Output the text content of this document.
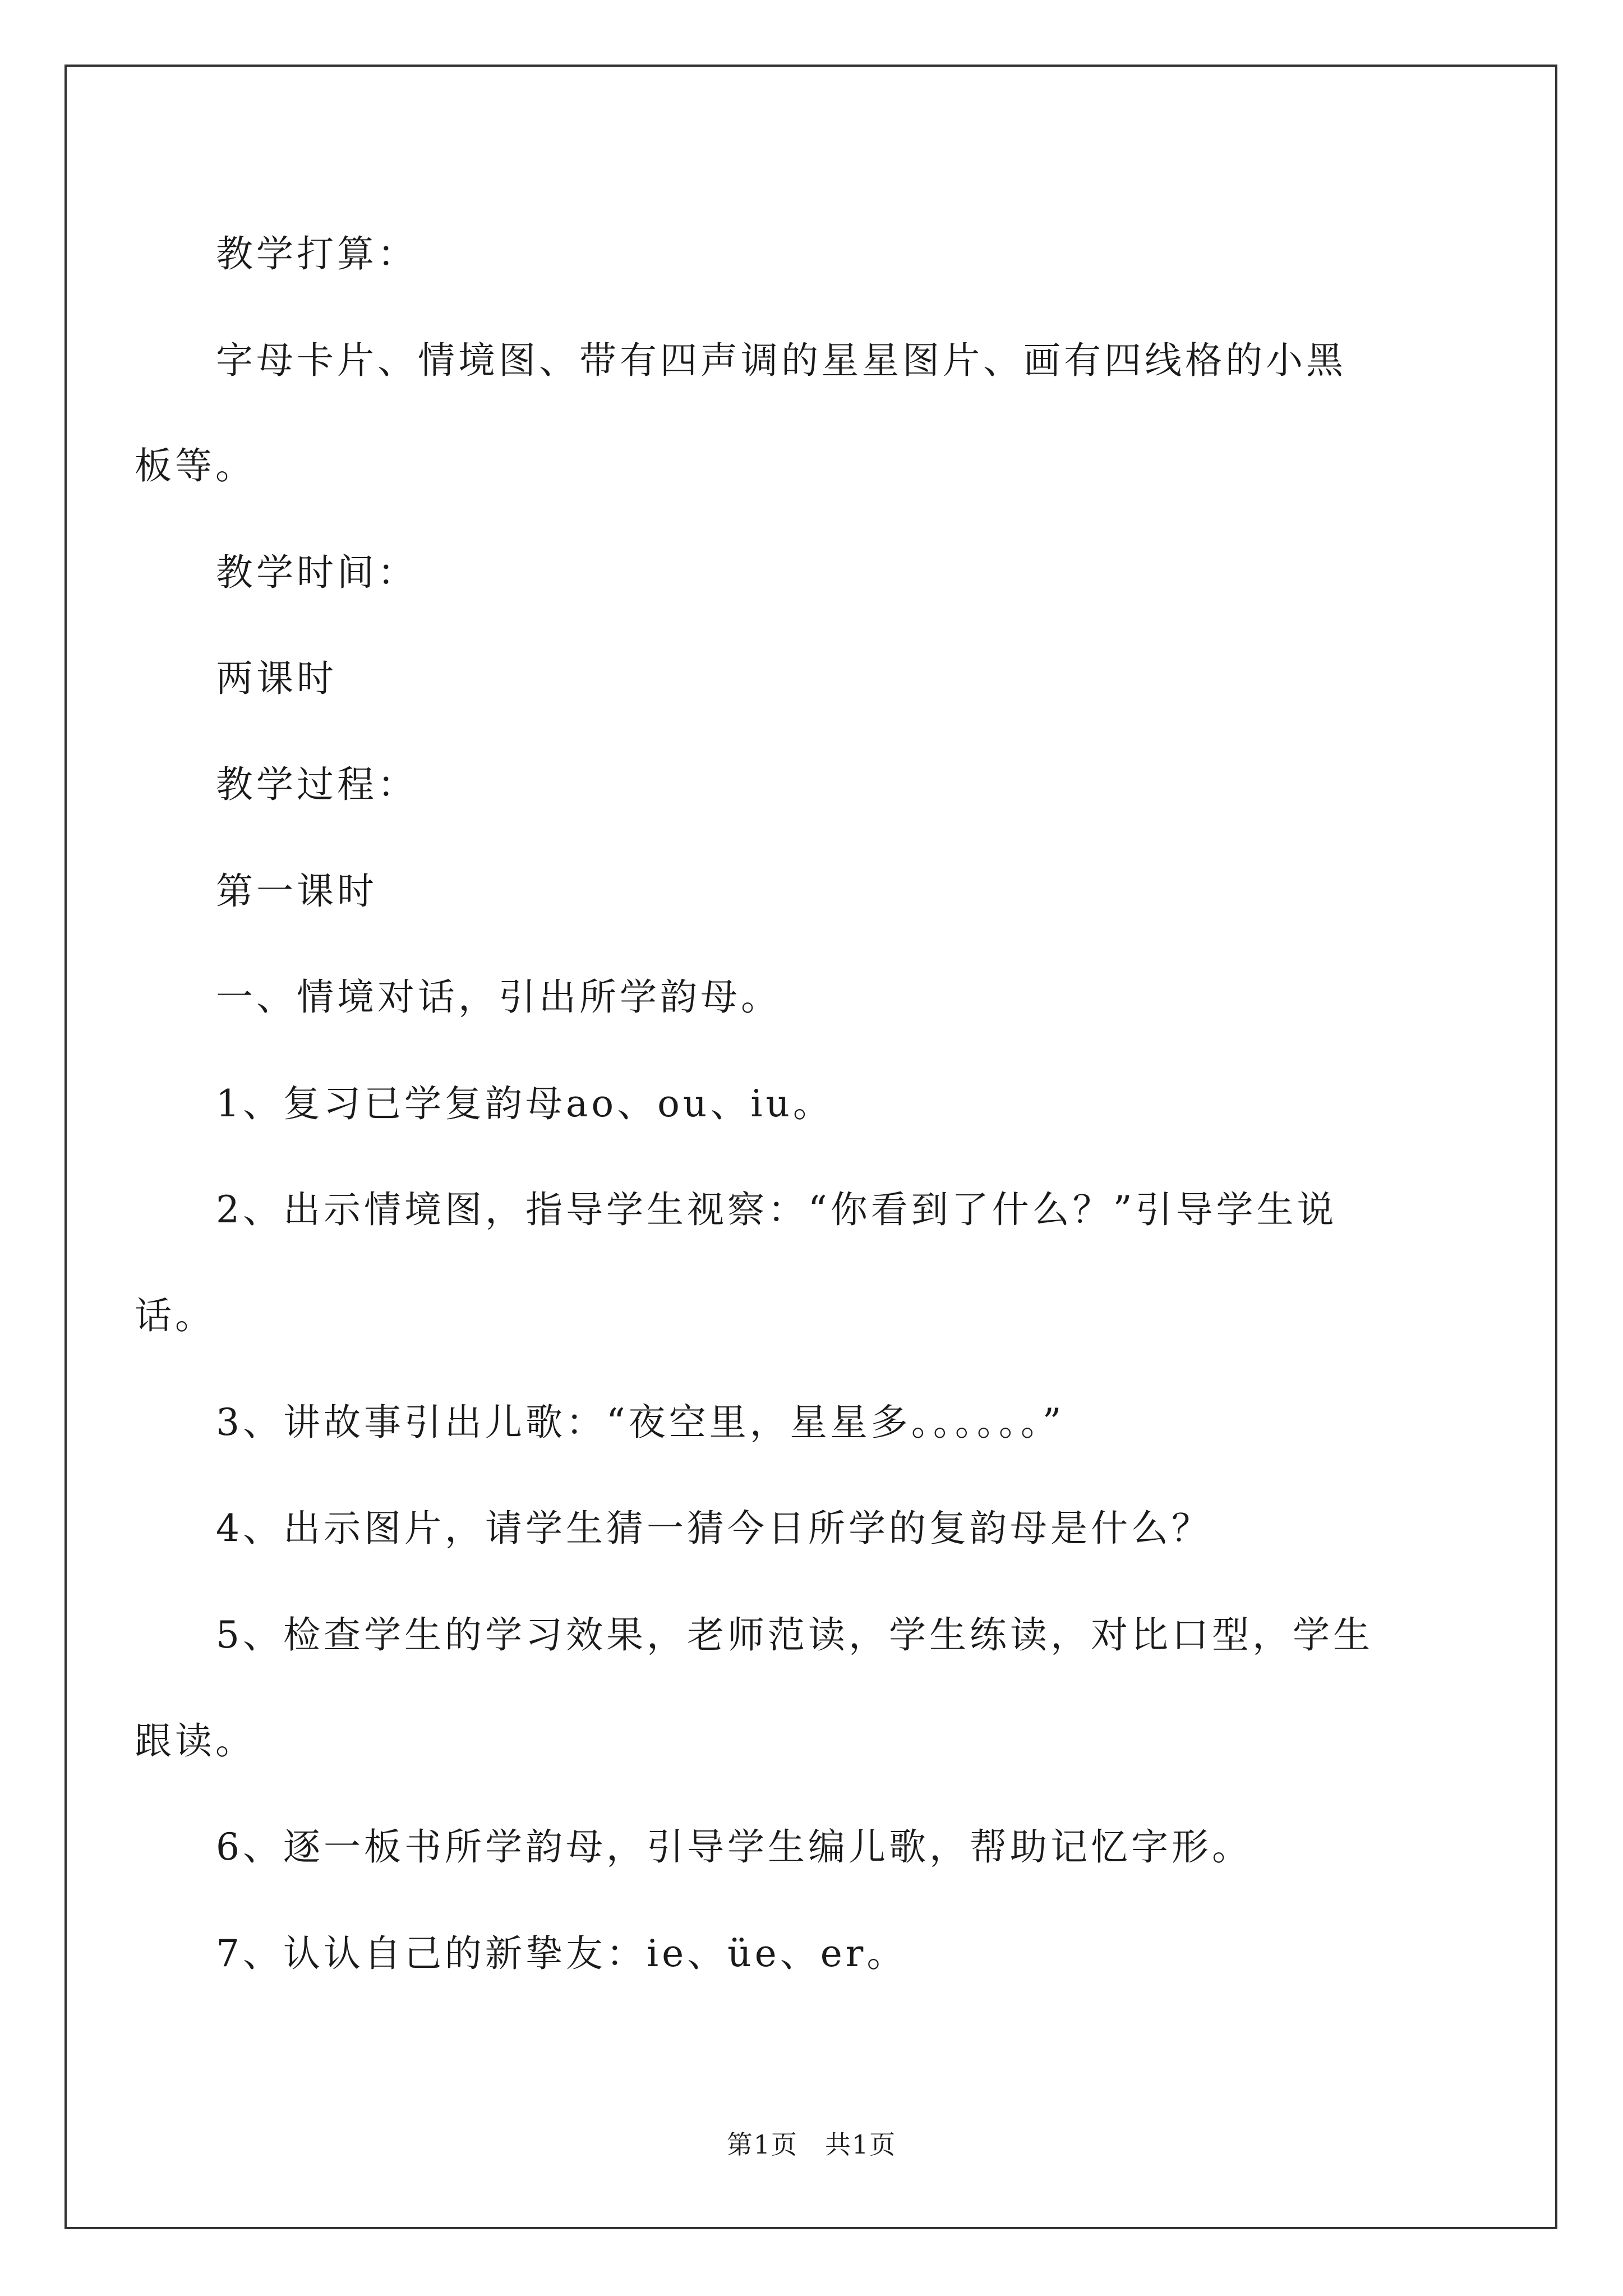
教学打算：
字母卡片、情境图、带有四声调的星星图片、画有四线格的小黑
板等。
教学时间：
两课时
教学过程：
第一课时
一、情境对话，引出所学韵母。
1、复习已学复韵母ao、ou、iu。
2、出示情境图，指导学生视察：“你看到了什么？”引导学生说
话。
3、讲故事引出儿歌：“夜空里，星星多。。。。。。”
4、出示图片，请学生猜一猜今日所学的复韵母是什么？
5、检查学生的学习效果，老师范读，学生练读，对比口型，学生
跟读。
6、逐一板书所学韵母，引导学生编儿歌，帮助记忆字形。
7、认认自己的新挚友：ie、üe、er。
第1页　共1页
